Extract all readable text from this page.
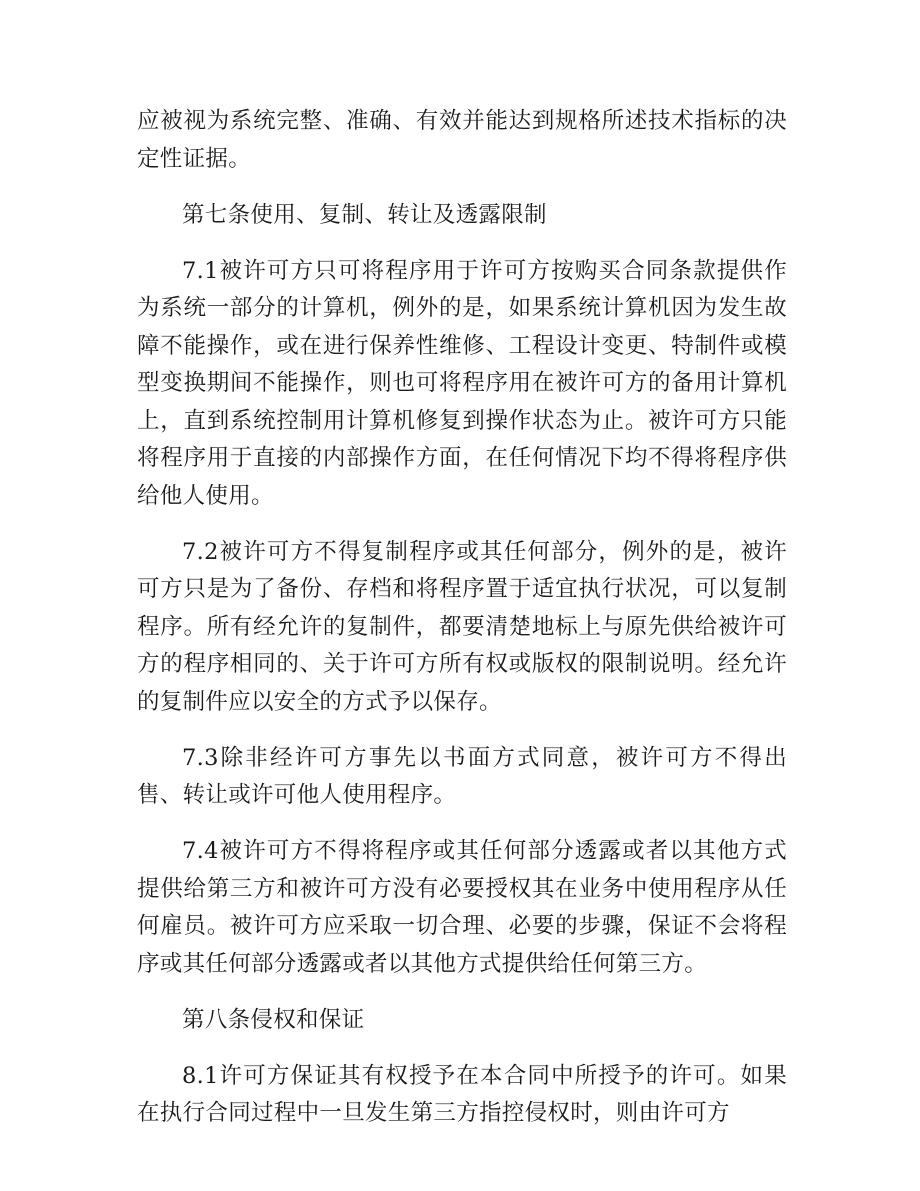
应被视为系统完整、准确、有效并能达到规格所述技术指标的决定性证据。

第七条使用、复制、转让及透露限制

7.1被许可方只可将程序用于许可方按购买合同条款提供作为系统一部分的计算机，例外的是，如果系统计算机因为发生故障不能操作，或在进行保养性维修、工程设计变更、特制件或模型变换期间不能操作，则也可将程序用在被许可方的备用计算机上，直到系统控制用计算机修复到操作状态为止。被许可方只能将程序用于直接的内部操作方面，在任何情况下均不得将程序供给他人使用。

7.2被许可方不得复制程序或其任何部分，例外的是，被许可方只是为了备份、存档和将程序置于适宜执行状况，可以复制程序。所有经允许的复制件，都要清楚地标上与原先供给被许可方的程序相同的、关于许可方所有权或版权的限制说明。经允许的复制件应以安全的方式予以保存。

7.3除非经许可方事先以书面方式同意，被许可方不得出售、转让或许可他人使用程序。

7.4被许可方不得将程序或其任何部分透露或者以其他方式提供给第三方和被许可方没有必要授权其在业务中使用程序从任何雇员。被许可方应采取一切合理、必要的步骤，保证不会将程序或其任何部分透露或者以其他方式提供给任何第三方。

第八条侵权和保证

8.1许可方保证其有权授予在本合同中所授予的许可。如果在执行合同过程中一旦发生第三方指控侵权时，则由许可方
